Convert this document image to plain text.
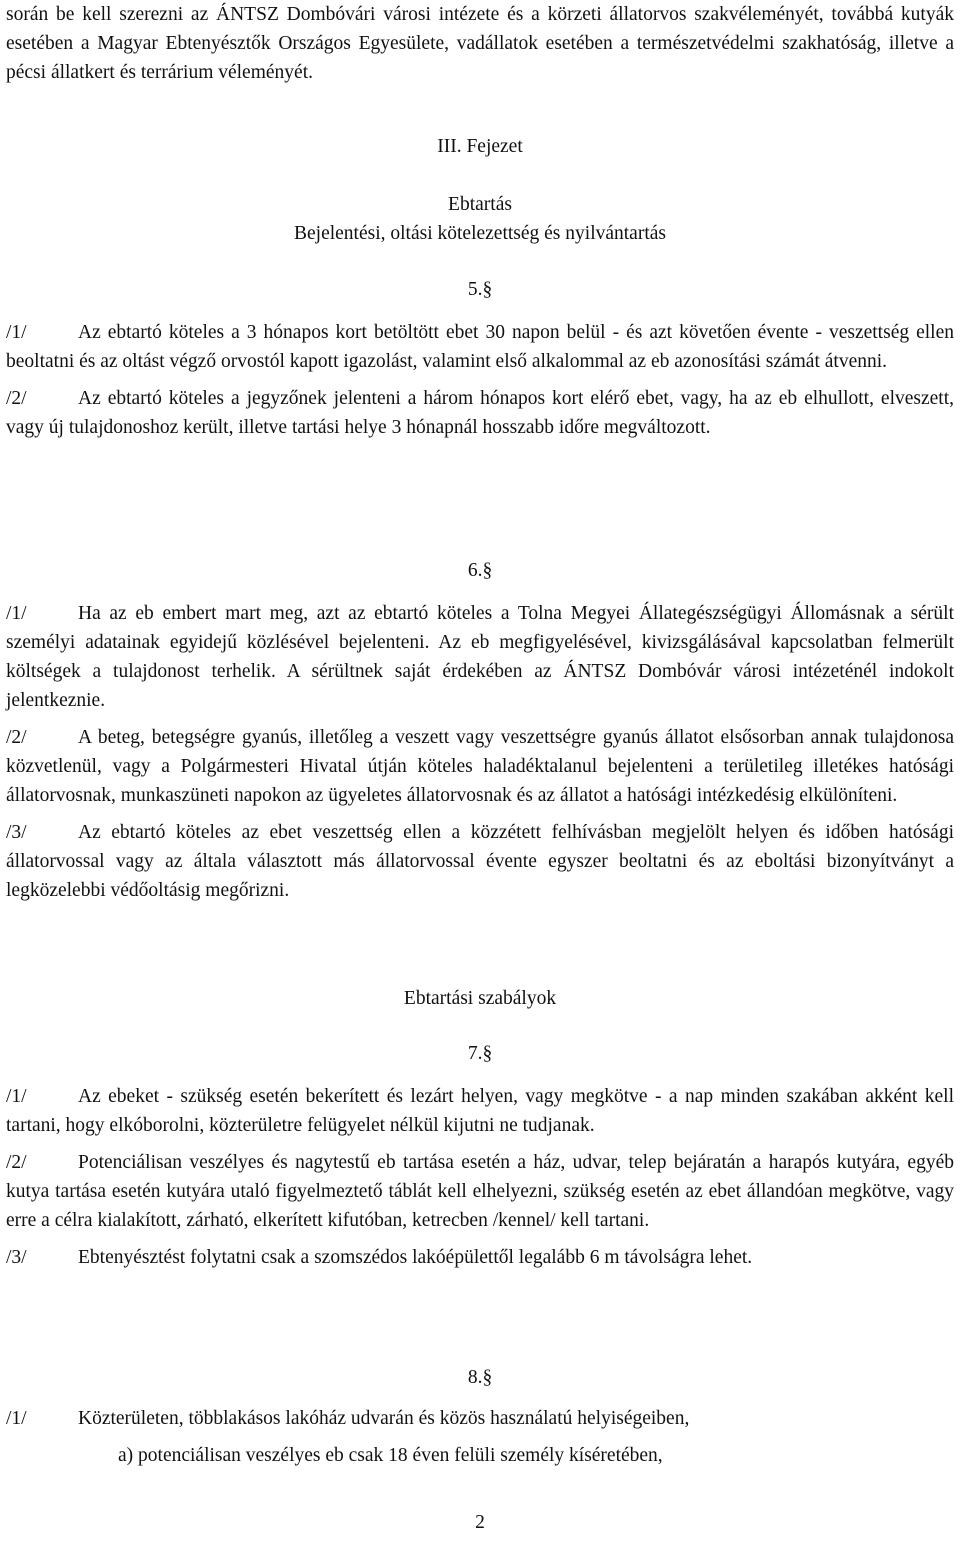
során be kell szerezni az ÁNTSZ Dombóvári városi intézete és a körzeti állatorvos szakvéleményét, továbbá kutyák esetében a Magyar Ebtenyésztők Országos Egyesülete, vadállatok esetében a természetvédelmi szakhatóság, illetve a pécsi állatkert és terrárium véleményét.

III. Fejezet

Ebtartás

Bejelentési, oltási kötelezettség és nyilvántartás

5.§

/1/	Az ebtartó köteles a 3 hónapos kort betöltött ebet 30 napon belül - és azt követően évente - veszettség ellen beoltatni és az oltást végző orvostól kapott igazolást, valamint első alkalommal az eb azonosítási számát átvenni.

/2/	Az ebtartó köteles a jegyzőnek jelenteni a három hónapos kort elérő ebet, vagy, ha az eb elhullott, elveszett, vagy új tulajdonoshoz került, illetve tartási helye 3 hónapnál hosszabb időre megváltozott.

6.§

/1/	Ha az eb embert mart meg, azt az ebtartó köteles a Tolna Megyei Állategészségügyi Állomásnak a sérült személyi adatainak egyidejű közlésével bejelenteni. Az eb megfigyelésével, kivizsgálásával kapcsolatban felmerült költségek a tulajdonost terhelik. A sérültnek saját érdekében az ÁNTSZ Dombóvár városi intézeténél indokolt jelentkeznie.

/2/	A beteg, betegségre gyanús, illetőleg a veszett vagy veszettségre gyanús állatot elsősorban annak tulajdonosa közvetlenül, vagy a Polgármesteri Hivatal útján köteles haladéktalanul bejelenteni a területileg illetékes hatósági állatorvosnak, munkaszüneti napokon az ügyeletes állatorvosnak és az állatot a hatósági intézkedésig elkülöníteni.

/3/	Az ebtartó köteles az ebet veszettség ellen a közzétett felhívásban megjelölt helyen és időben hatósági állatorvossal vagy az általa választott más állatorvossal évente egyszer beoltatni és az eboltási bizonyítványt a legközelebbi védőoltásig megőrizni.

Ebtartási szabályok

7.§

/1/	Az ebeket - szükség esetén bekerített és lezárt helyen, vagy megkötve - a nap minden szakában akként kell tartani, hogy elkóborolni, közterületre felügyelet nélkül kijutni ne tudjanak.

/2/	Potenciálisan veszélyes és nagytestű eb tartása esetén a ház, udvar, telep bejáratán a harapós kutyára, egyéb kutya tartása esetén kutyára utaló figyelmeztető táblát kell elhelyezni, szükség esetén az ebet állandóan megkötve, vagy erre a célra kialakított, zárható, elkerített kifutóban, ketrecben /kennel/ kell tartani.

/3/	Ebtenyésztést folytatni csak a szomszédos lakóépülettől legalább 6 m távolságra lehet.

8.§

/1/	Közterületen, többlakásos lakóház udvarán és közös használatú helyiségeiben,

a) potenciálisan veszélyes eb csak 18 éven felüli személy kíséretében,

2
